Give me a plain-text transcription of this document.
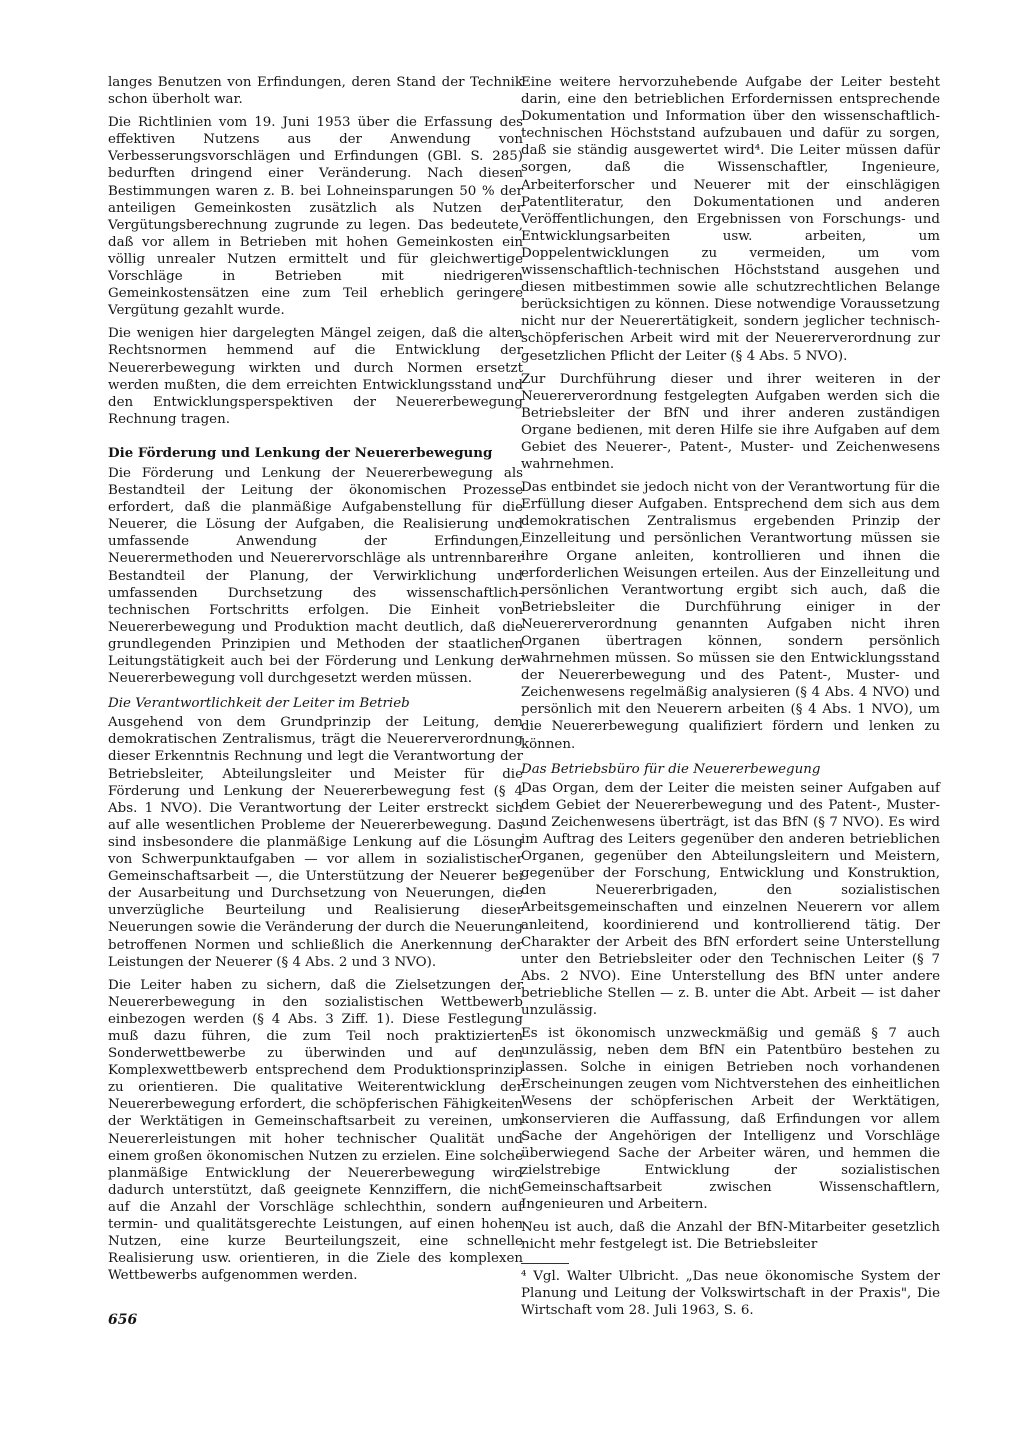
langes Benutzen von Erfindungen, deren Stand der Technik schon überholt war.

Die Richtlinien vom 19. Juni 1953 über die Erfassung des effektiven Nutzens aus der Anwendung von Verbesserungsvorschlägen und Erfindungen (GBl. S. 285) bedurften dringend einer Veränderung. Nach diesen Bestimmungen waren z. B. bei Lohneinsparungen 50 % der anteiligen Gemeinkosten zusätzlich als Nutzen der Vergütungsberechnung zugrunde zu legen. Das bedeutete, daß vor allem in Betrieben mit hohen Gemeinkosten ein völlig unrealer Nutzen ermittelt und für gleichwertige Vorschläge in Betrieben mit niedrigeren Gemeinkostensätzen eine zum Teil erheblich geringere Vergütung gezahlt wurde.

Die wenigen hier dargelegten Mängel zeigen, daß die alten Rechtsnormen hemmend auf die Entwicklung der Neuererbewegung wirkten und durch Normen ersetzt werden mußten, die dem erreichten Entwicklungsstand und den Entwicklungsperspektiven der Neuererbewegung Rechnung tragen.

Die Förderung und Lenkung der Neuererbewegung

Die Förderung und Lenkung der Neuererbewegung als Bestandteil der Leitung der ökonomischen Prozesse erfordert, daß die planmäßige Aufgabenstellung für die Neuerer, die Lösung der Aufgaben, die Realisierung und umfassende Anwendung der Erfindungen, Neuerermethoden und Neuerervorschläge als untrennbarer Bestandteil der Planung, der Verwirklichung und umfassenden Durchsetzung des wissenschaftlich-technischen Fortschritts erfolgen. Die Einheit von Neuererbewegung und Produktion macht deutlich, daß die grundlegenden Prinzipien und Methoden der staatlichen Leitungstätigkeit auch bei der Förderung und Lenkung der Neuererbewegung voll durchgesetzt werden müssen.

Die Verantwortlichkeit der Leiter im Betrieb

Ausgehend von dem Grundprinzip der Leitung, dem demokratischen Zentralismus, trägt die Neuererverordnung dieser Erkenntnis Rechnung und legt die Verantwortung der Betriebsleiter, Abteilungsleiter und Meister für die Förderung und Lenkung der Neuererbewegung fest (§ 4 Abs. 1 NVO). Die Verantwortung der Leiter erstreckt sich auf alle wesentlichen Probleme der Neuererbewegung. Das sind insbesondere die planmäßige Lenkung auf die Lösung von Schwerpunktaufgaben — vor allem in sozialistischer Gemeinschaftsarbeit —, die Unterstützung der Neuerer bei der Ausarbeitung und Durchsetzung von Neuerungen, die unverzügliche Beurteilung und Realisierung dieser Neuerungen sowie die Veränderung der durch die Neuerung betroffenen Normen und schließlich die Anerkennung der Leistungen der Neuerer (§ 4 Abs. 2 und 3 NVO).

Die Leiter haben zu sichern, daß die Zielsetzungen der Neuererbewegung in den sozialistischen Wettbewerb einbezogen werden (§ 4 Abs. 3 Ziff. 1). Diese Festlegung muß dazu führen, die zum Teil noch praktizierten Sonderwettbewerbe zu überwinden und auf den Komplexwettbewerb entsprechend dem Produktionsprinzip zu orientieren. Die qualitative Weiterentwicklung der Neuererbewegung erfordert, die schöpferischen Fähigkeiten der Werktätigen in Gemeinschaftsarbeit zu vereinen, um Neuererleistungen mit hoher technischer Qualität und einem großen ökonomischen Nutzen zu erzielen. Eine solche planmäßige Entwicklung der Neuererbewegung wird dadurch unterstützt, daß geeignete Kennziffern, die nicht auf die Anzahl der Vorschläge schlechthin, sondern auf termin- und qualitätsgerechte Leistungen, auf einen hohen Nutzen, eine kurze Beurteilungszeit, eine schnelle Realisierung usw. orientieren, in die Ziele des komplexen Wettbewerbs aufgenommen werden.

Eine weitere hervorzuhebende Aufgabe der Leiter besteht darin, eine den betrieblichen Erfordernissen entsprechende Dokumentation und Information über den wissenschaftlich-technischen Höchststand aufzubauen und dafür zu sorgen, daß sie ständig ausgewertet wird⁴. Die Leiter müssen dafür sorgen, daß die Wissenschaftler, Ingenieure, Arbeiterforscher und Neuerer mit der einschlägigen Patentliteratur, den Dokumentationen und anderen Veröffentlichungen, den Ergebnissen von Forschungs- und Entwicklungsarbeiten usw. arbeiten, um Doppelentwicklungen zu vermeiden, um vom wissenschaftlich-technischen Höchststand ausgehen und diesen mitbestimmen sowie alle schutzrechtlichen Belange berücksichtigen zu können. Diese notwendige Voraussetzung nicht nur der Neuerertätigkeit, sondern jeglicher technisch-schöpferischen Arbeit wird mit der Neuererverordnung zur gesetzlichen Pflicht der Leiter (§ 4 Abs. 5 NVO).

Zur Durchführung dieser und ihrer weiteren in der Neuererverordnung festgelegten Aufgaben werden sich die Betriebsleiter der BfN und ihrer anderen zuständigen Organe bedienen, mit deren Hilfe sie ihre Aufgaben auf dem Gebiet des Neuerer-, Patent-, Muster- und Zeichenwesens wahrnehmen.

Das entbindet sie jedoch nicht von der Verantwortung für die Erfüllung dieser Aufgaben. Entsprechend dem sich aus dem demokratischen Zentralismus ergebenden Prinzip der Einzelleitung und persönlichen Verantwortung müssen sie ihre Organe anleiten, kontrollieren und ihnen die erforderlichen Weisungen erteilen. Aus der Einzelleitung und persönlichen Verantwortung ergibt sich auch, daß die Betriebsleiter die Durchführung einiger in der Neuererverordnung genannten Aufgaben nicht ihren Organen übertragen können, sondern persönlich wahrnehmen müssen. So müssen sie den Entwicklungsstand der Neuererbewegung und des Patent-, Muster- und Zeichenwesens regelmäßig analysieren (§ 4 Abs. 4 NVO) und persönlich mit den Neuerern arbeiten (§ 4 Abs. 1 NVO), um die Neuererbewegung qualifiziert fördern und lenken zu können.

Das Betriebsbüro für die Neuererbewegung

Das Organ, dem der Leiter die meisten seiner Aufgaben auf dem Gebiet der Neuererbewegung und des Patent-, Muster- und Zeichenwesens überträgt, ist das BfN (§ 7 NVO). Es wird im Auftrag des Leiters gegenüber den anderen betrieblichen Organen, gegenüber den Abteilungsleitern und Meistern, gegenüber der Forschung, Entwicklung und Konstruktion, den Neuererbrigaden, den sozialistischen Arbeitsgemeinschaften und einzelnen Neuerern vor allem anleitend, koordinierend und kontrollierend tätig. Der Charakter der Arbeit des BfN erfordert seine Unterstellung unter den Betriebsleiter oder den Technischen Leiter (§ 7 Abs. 2 NVO). Eine Unterstellung des BfN unter andere betriebliche Stellen — z. B. unter die Abt. Arbeit — ist daher unzulässig.

Es ist ökonomisch unzweckmäßig und gemäß § 7 auch unzulässig, neben dem BfN ein Patentbüro bestehen zu lassen. Solche in einigen Betrieben noch vorhandenen Erscheinungen zeugen vom Nichtverstehen des einheitlichen Wesens der schöpferischen Arbeit der Werktätigen, konservieren die Auffassung, daß Erfindungen vor allem Sache der Angehörigen der Intelligenz und Vorschläge überwiegend Sache der Arbeiter wären, und hemmen die zielstrebige Entwicklung der sozialistischen Gemeinschaftsarbeit zwischen Wissenschaftlern, Ingenieuren und Arbeitern.

Neu ist auch, daß die Anzahl der BfN-Mitarbeiter gesetzlich nicht mehr festgelegt ist. Die Betriebsleiter

⁴ Vgl. Walter Ulbricht. „Das neue ökonomische System der Planung und Leitung der Volkswirtschaft in der Praxis", Die Wirtschaft vom 28. Juli 1963, S. 6.

656
